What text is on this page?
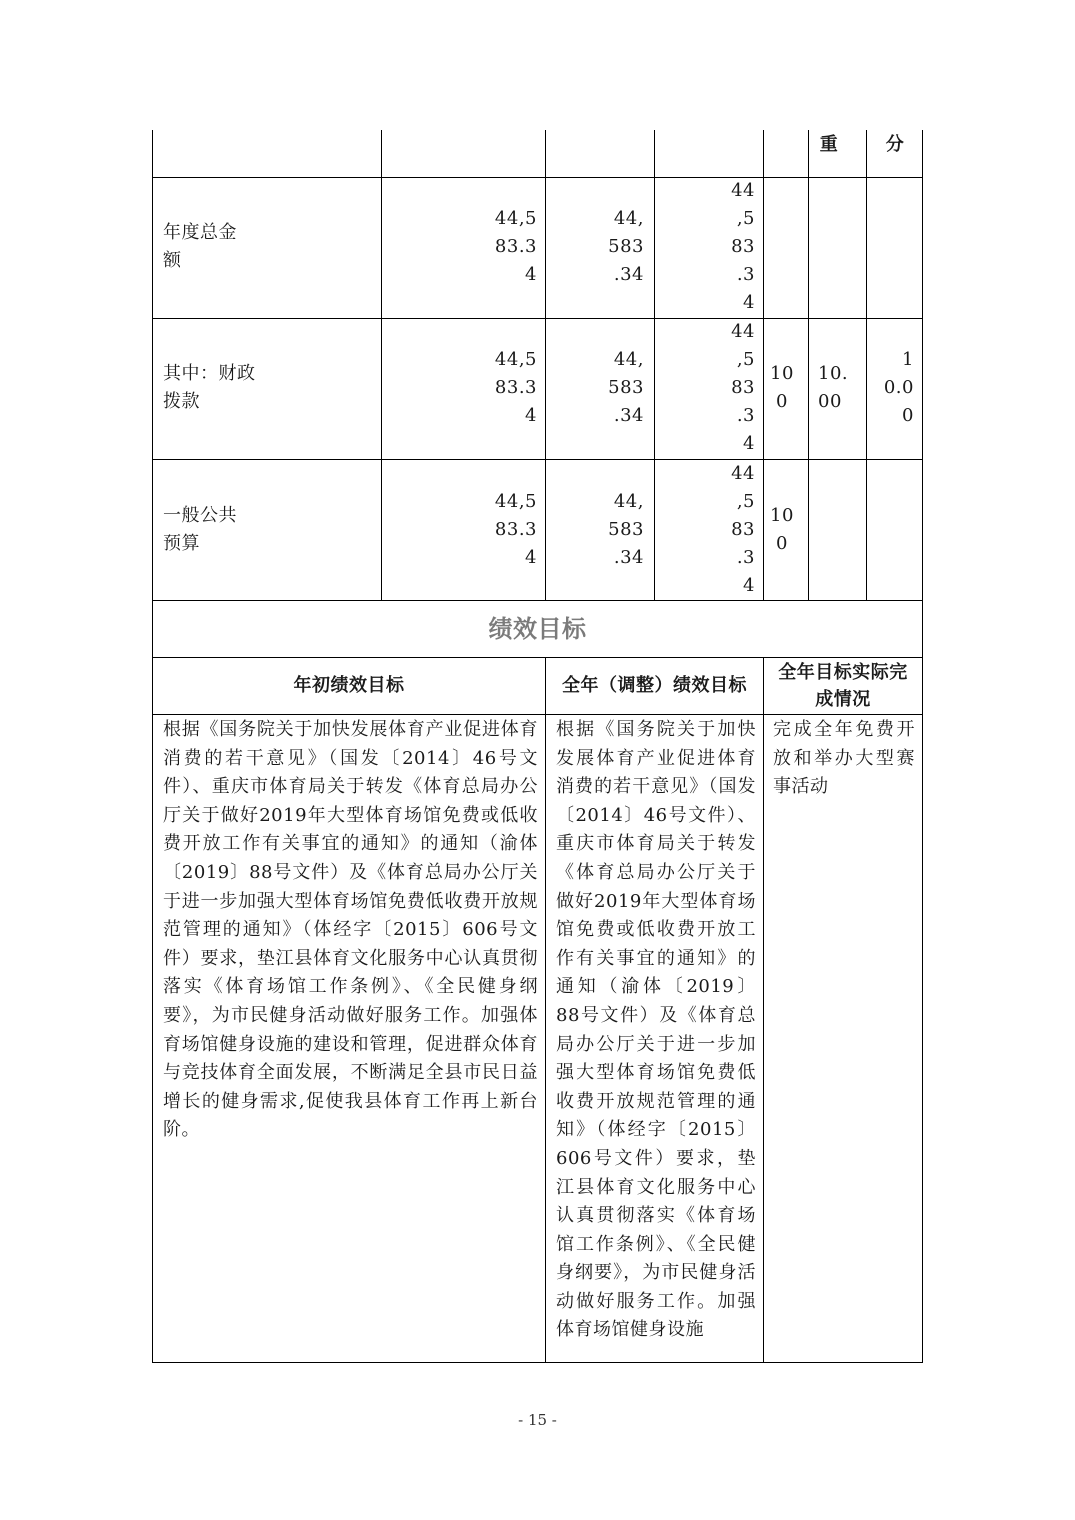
重	分
年度总金
额
44,5
83.3
4
44,
583
.34
44
,5
83
.3
4
其中：财政
拨款
44,5
83.3
4
44,
583
.34
44
,5
83
.3
4
10
0
10.
00
1
0.0
0
一般公共
预算
44,5
83.3
4
44,
583
.34
44
,5
83
.3
4
10
0
绩效目标
年初绩效目标	全年（调整）绩效目标
全年目标实际完成情况
根据《国务院关于加快发展体育产业促进体育消费的若干意见》（国发〔2014〕46号文件）、重庆市体育局关于转发《体育总局办公厅关于做好2019年大型体育场馆免费或低收费开放工作有关事宜的通知》的通知（渝体〔2019〕88号文件）及《体育总局办公厅关于进一步加强大型体育场馆免费低收费开放规范管理的通知》（体经字〔2015〕606号文件）要求，垫江县体育文化服务中心认真贯彻落实《体育场馆工作条例》、《全民健身纲要》，为市民健身活动做好服务工作。加强体育场馆健身设施的建设和管理，促进群众体育与竞技体育全面发展，不断满足全县市民日益增长的健身需求,促使我县体育工作再上新台阶。
根据《国务院关于加快发展体育产业促进体育消费的若干意见》（国发〔2014〕46号文件）、重庆市体育局关于转发《体育总局办公厅关于做好2019年大型体育场馆免费或低收费开放工作有关事宜的通知》的通知（渝体〔2019〕88号文件）及《体育总局办公厅关于进一步加强大型体育场馆免费低收费开放规范管理的通知》（体经字〔2015〕606号文件）要求，垫江县体育文化服务中心认真贯彻落实《体育场馆工作条例》、《全民健身纲要》，为市民健身活动做好服务工作。加强体育场馆健身设施
完成全年免费开放和举办大型赛事活动
- 15 -
